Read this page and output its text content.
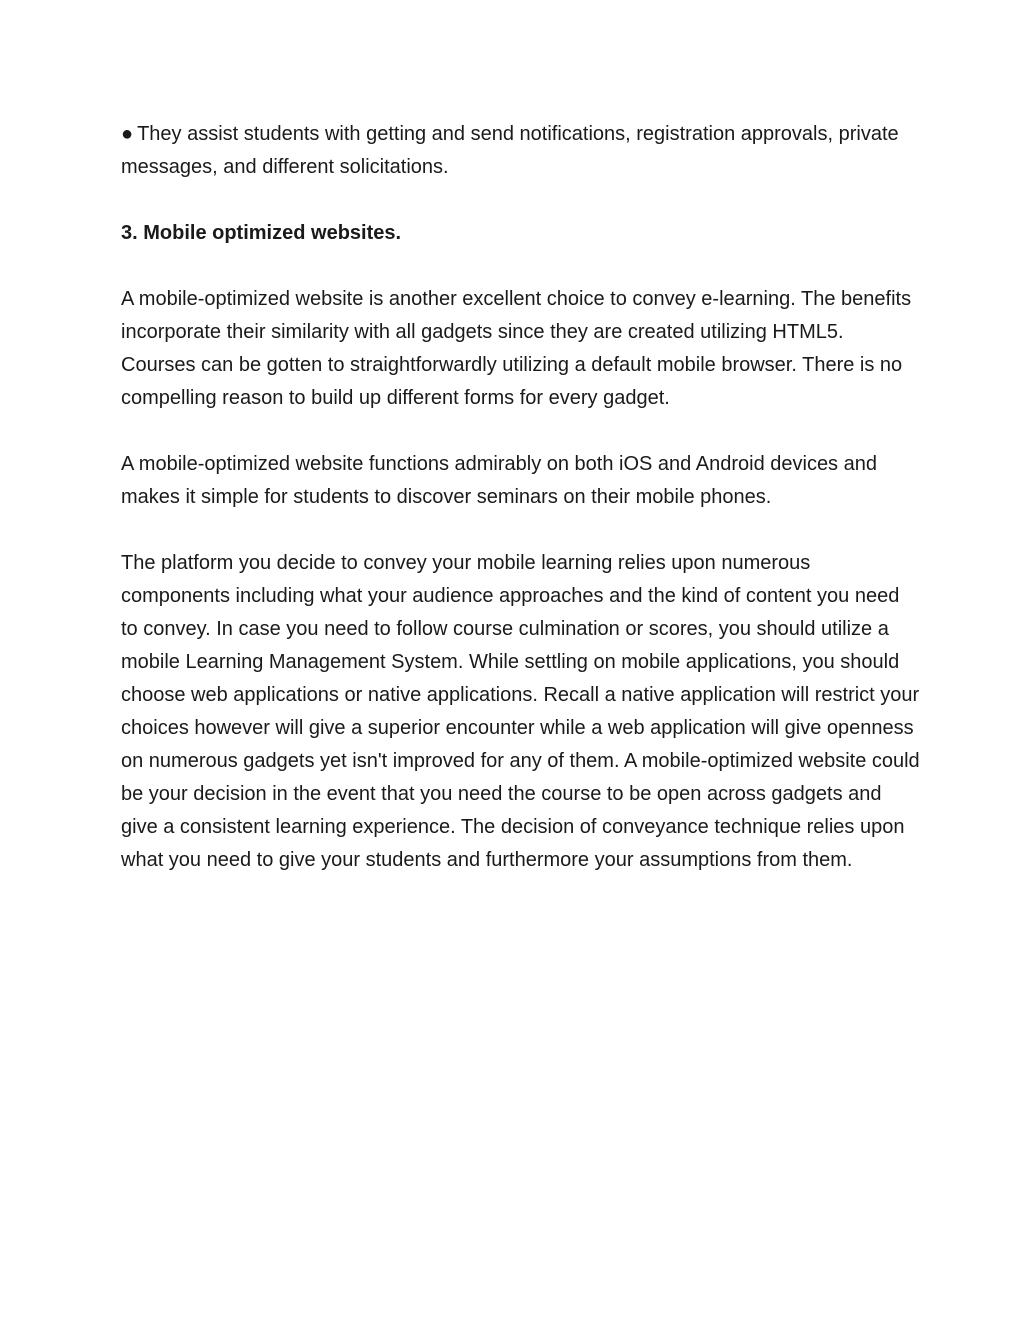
● They assist students with getting and send notifications, registration approvals, private messages, and different solicitations.

3. Mobile optimized websites.

A mobile-optimized website is another excellent choice to convey e-learning. The benefits incorporate their similarity with all gadgets since they are created utilizing HTML5. Courses can be gotten to straightforwardly utilizing a default mobile browser. There is no compelling reason to build up different forms for every gadget.

A mobile-optimized website functions admirably on both iOS and Android devices and makes it simple for students to discover seminars on their mobile phones.

The platform you decide to convey your mobile learning relies upon numerous components including what your audience approaches and the kind of content you need to convey. In case you need to follow course culmination or scores, you should utilize a mobile Learning Management System. While settling on mobile applications, you should choose web applications or native applications. Recall a native application will restrict your choices however will give a superior encounter while a web application will give openness on numerous gadgets yet isn't improved for any of them. A mobile-optimized website could be your decision in the event that you need the course to be open across gadgets and give a consistent learning experience. The decision of conveyance technique relies upon what you need to give your students and furthermore your assumptions from them.
